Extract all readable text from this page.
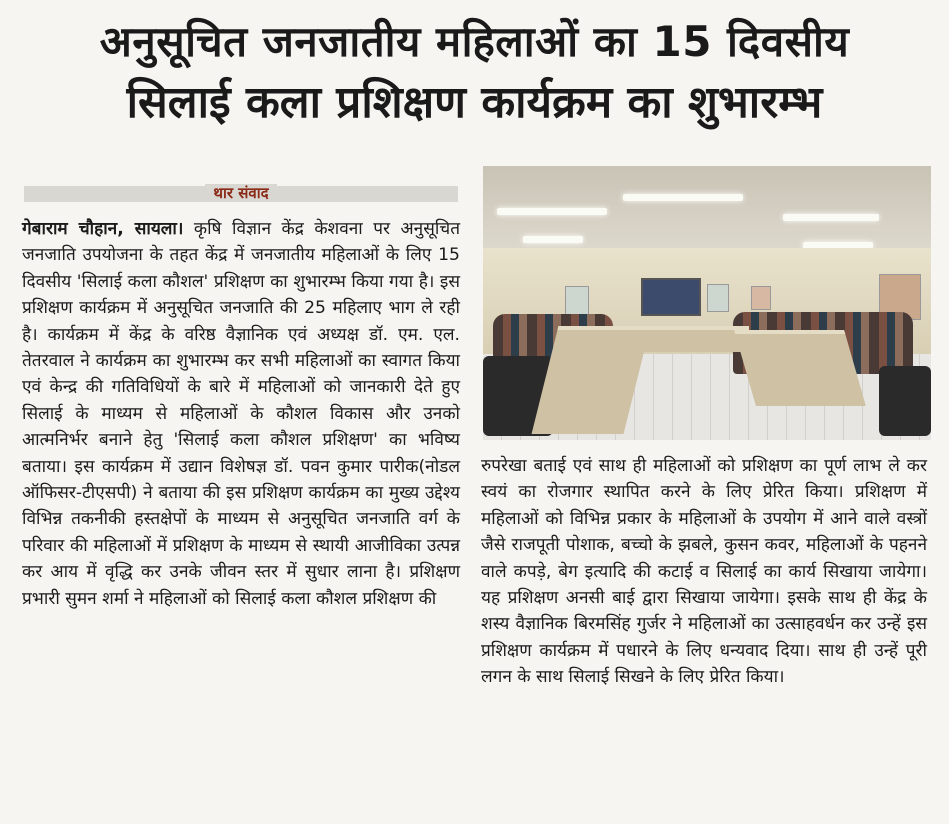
अनुसूचित जनजातीय महिलाओं का 15 दिवसीय
सिलाई कला प्रशिक्षण कार्यक्रम का शुभारम्भ
थार संवाद

गेबाराम चौहान, सायला। कृषि विज्ञान केंद्र केशवना पर अनुसूचित जनजाति उपयोजना के तहत केंद्र में जनजातीय महिलाओं के लिए 15 दिवसीय 'सिलाई कला कौशल' प्रशिक्षण का शुभारम्भ किया गया है। इस प्रशिक्षण कार्यक्रम में अनुसूचित जनजाति की 25 महिलाए भाग ले रही है। कार्यक्रम में केंद्र के वरिष्ठ वैज्ञानिक एवं अध्यक्ष डॉ. एम. एल. तेतरवाल ने कार्यक्रम का शुभारम्भ कर सभी महिलाओं का स्वागत किया एवं केन्द्र की गतिविधियों के बारे में महिलाओं को जानकारी देते हुए सिलाई के माध्यम से महिलाओं के कौशल विकास और उनको आत्मनिर्भर बनाने हेतु 'सिलाई कला कौशल प्रशिक्षण' का भविष्य बताया। इस कार्यक्रम में उद्यान विशेषज्ञ डॉ. पवन कुमार पारीक(नोडल ऑफिसर-टीएसपी) ने बताया की इस प्रशिक्षण कार्यक्रम का मुख्य उद्देश्य विभिन्न तकनीकी हस्तक्षेपों के माध्यम से अनुसूचित जनजाति वर्ग के परिवार की महिलाओं में प्रशिक्षण के माध्यम से स्थायी आजीविका उत्पन्न कर आय में वृद्धि कर उनके जीवन स्तर में सुधार लाना है। प्रशिक्षण प्रभारी सुमन शर्मा ने महिलाओं को सिलाई कला कौशल प्रशिक्षण की

रुपरेखा बताई एवं साथ ही महिलाओं को प्रशिक्षण का पूर्ण लाभ ले कर स्वयं का रोजगार स्थापित करने के लिए प्रेरित किया। प्रशिक्षण में महिलाओं को विभिन्न प्रकार के महिलाओं के उपयोग में आने वाले वस्त्रों जैसे राजपूती पोशाक, बच्चो के झबले, कुसन कवर, महिलाओं के पहनने वाले कपड़े, बेग इत्यादि की कटाई व सिलाई का कार्य सिखाया जायेगा। यह प्रशिक्षण अनसी बाई द्वारा सिखाया जायेगा। इसके साथ ही केंद्र के शस्य वैज्ञानिक बिरमसिंह गुर्जर ने महिलाओं का उत्साहवर्धन कर उन्हें इस प्रशिक्षण कार्यक्रम में पधारने के लिए धन्यवाद दिया। साथ ही उन्हें पूरी लगन के साथ सिलाई सिखने के लिए प्रेरित किया।
